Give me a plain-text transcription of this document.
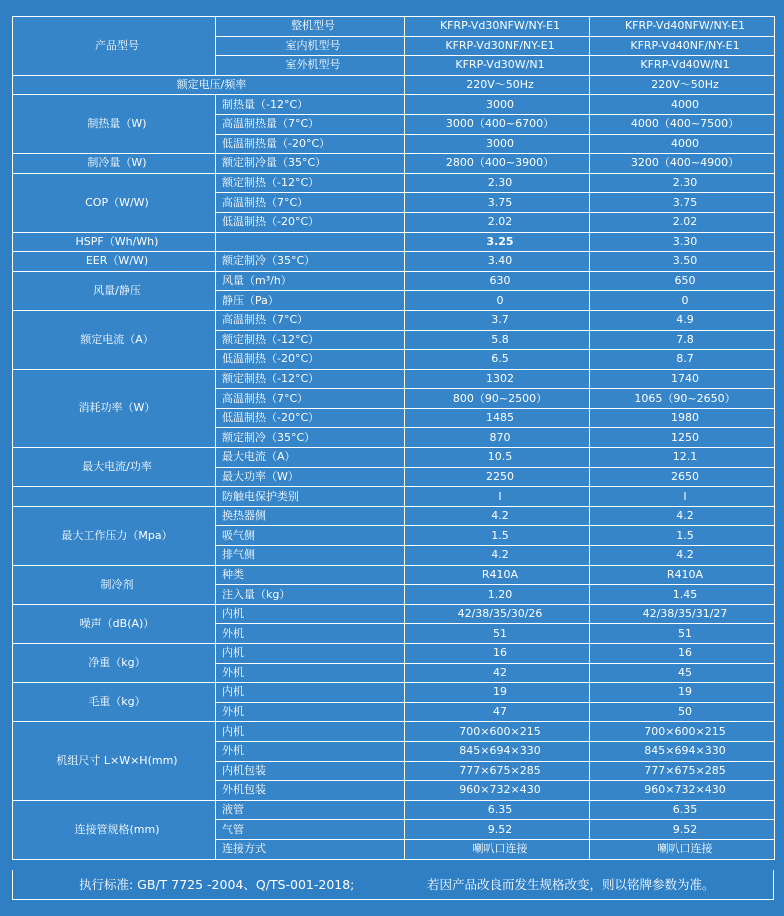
产品型号	整机型号	KFRP-Vd30NFW/NY-E1	KFRP-Vd40NFW/NY-E1
	室内机型号	KFRP-Vd30NF/NY-E1	KFRP-Vd40NF/NY-E1
	室外机型号	KFRP-Vd30W/N1	KFRP-Vd40W/N1
额定电压/频率		220V～50Hz	220V～50Hz
制热量（W)	制热量（-12°C）	3000	4000
	高温制热量（7°C）	3000（400~6700）	4000（400~7500）
	低温制热量（-20°C）	3000	4000
制冷量（W)	额定制冷量（35°C）	2800（400~3900）	3200（400~4900）
COP（W/W)	额定制热（-12°C）	2.30	2.30
	高温制热（7°C）	3.75	3.75
	低温制热（-20°C）	2.02	2.02
HSPF（Wh/Wh)		3.25	3.30
EER（W/W)	额定制冷（35°C）	3.40	3.50
风量/静压	风量（m³/h）	630	650
	静压（Pa）	0	0
额定电流（A）	高温制热（7°C）	3.7	4.9
	额定制热（-12°C）	5.8	7.8
	低温制热（-20°C）	6.5	8.7
消耗功率（W）	额定制热（-12°C）	1302	1740
	高温制热（7°C）	800（90~2500）	1065（90~2650）
	低温制热（-20°C）	1485	1980
	额定制冷（35°C）	870	1250
最大电流/功率	最大电流（A）	10.5	12.1
	最大功率（W）	2250	2650
	防触电保护类别	I	I
最大工作压力（Mpa）	换热器侧	4.2	4.2
	吸气侧	1.5	1.5
	排气侧	4.2	4.2
制冷剂	种类	R410A	R410A
	注入量（kg）	1.20	1.45
噪声（dB(A)）	内机	42/38/35/30/26	42/38/35/31/27
	外机	51	51
净重（kg）	内机	16	16
	外机	42	45
毛重（kg）	内机	19	19
	外机	47	50
机组尺寸 L×W×H(mm)	内机	700×600×215	700×600×215
	外机	845×694×330	845×694×330
	内机包装	777×675×285	777×675×285
	外机包装	960×732×430	960×732×430
连接管规格(mm)	液管	6.35	6.35
	气管	9.52	9.52
	连接方式	喇叭口连接	喇叭口连接
执行标准: GB/T 7725 -2004、Q/TS-001-2018;	若因产品改良而发生规格改变，则以铭牌参数为准。
